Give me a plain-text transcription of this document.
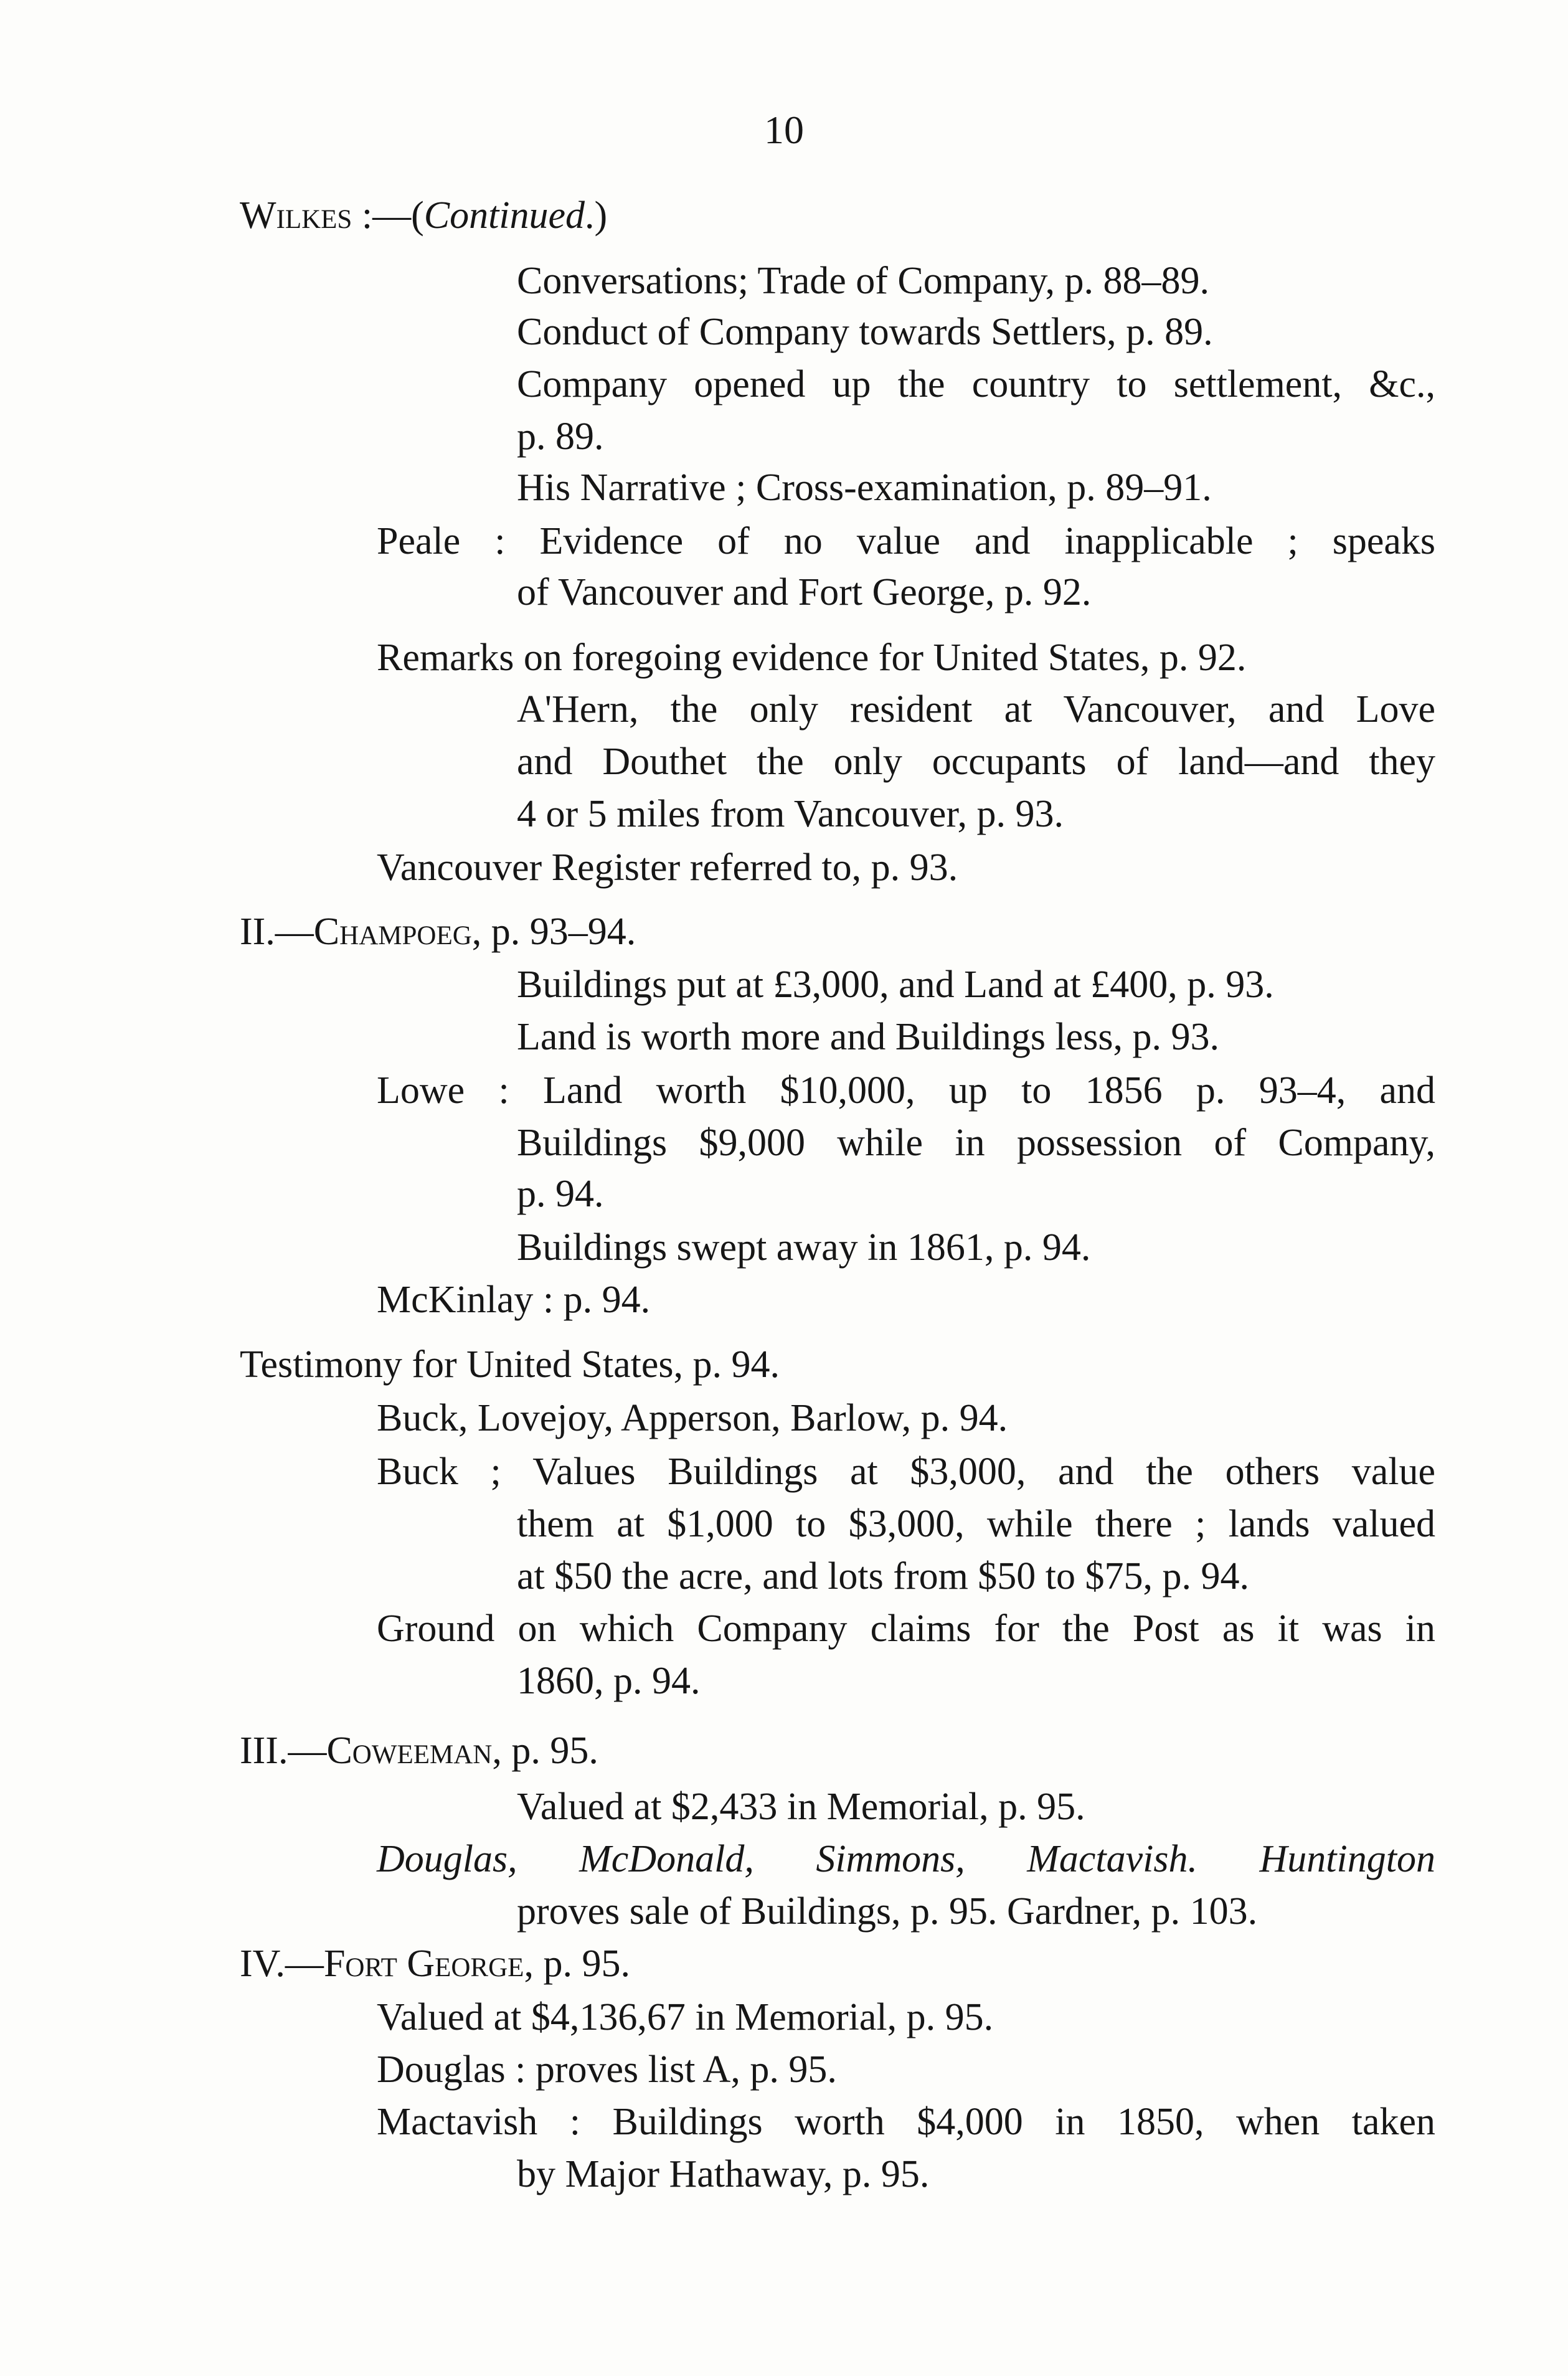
10
Wilkes :—(Continued.)
Conversations; Trade of Company, p. 88–89.
Conduct of Company towards Settlers, p. 89.
Company opened up the country to settlement, &c.,
p. 89.
His Narrative ; Cross-examination, p. 89–91.
Peale : Evidence of no value and inapplicable ; speaks
of Vancouver and Fort George, p. 92.
Remarks on foregoing evidence for United States, p. 92.
A'Hern, the only resident at Vancouver, and Love
and Douthet the only occupants of land—and they
4 or 5 miles from Vancouver, p. 93.
Vancouver Register referred to, p. 93.
II.—Champoeg, p. 93–94.
Buildings put at £3,000, and Land at £400, p. 93.
Land is worth more and Buildings less, p. 93.
Lowe : Land worth $10,000, up to 1856 p. 93–4, and
Buildings $9,000 while in possession of Company,
p. 94.
Buildings swept away in 1861, p. 94.
McKinlay : p. 94.
Testimony for United States, p. 94.
Buck, Lovejoy, Apperson, Barlow, p. 94.
Buck ; Values Buildings at $3,000, and the others value
them at $1,000 to $3,000, while there ; lands valued
at $50 the acre, and lots from $50 to $75, p. 94.
Ground on which Company claims for the Post as it was in
1860, p. 94.
III.—Coweeman, p. 95.
Valued at $2,433 in Memorial, p. 95.
Douglas, McDonald, Simmons, Mactavish. Huntington
proves sale of Buildings, p. 95. Gardner, p. 103.
IV.—Fort George, p. 95.
Valued at $4,136,67 in Memorial, p. 95.
Douglas : proves list A, p. 95.
Mactavish : Buildings worth $4,000 in 1850, when taken
by Major Hathaway, p. 95.
